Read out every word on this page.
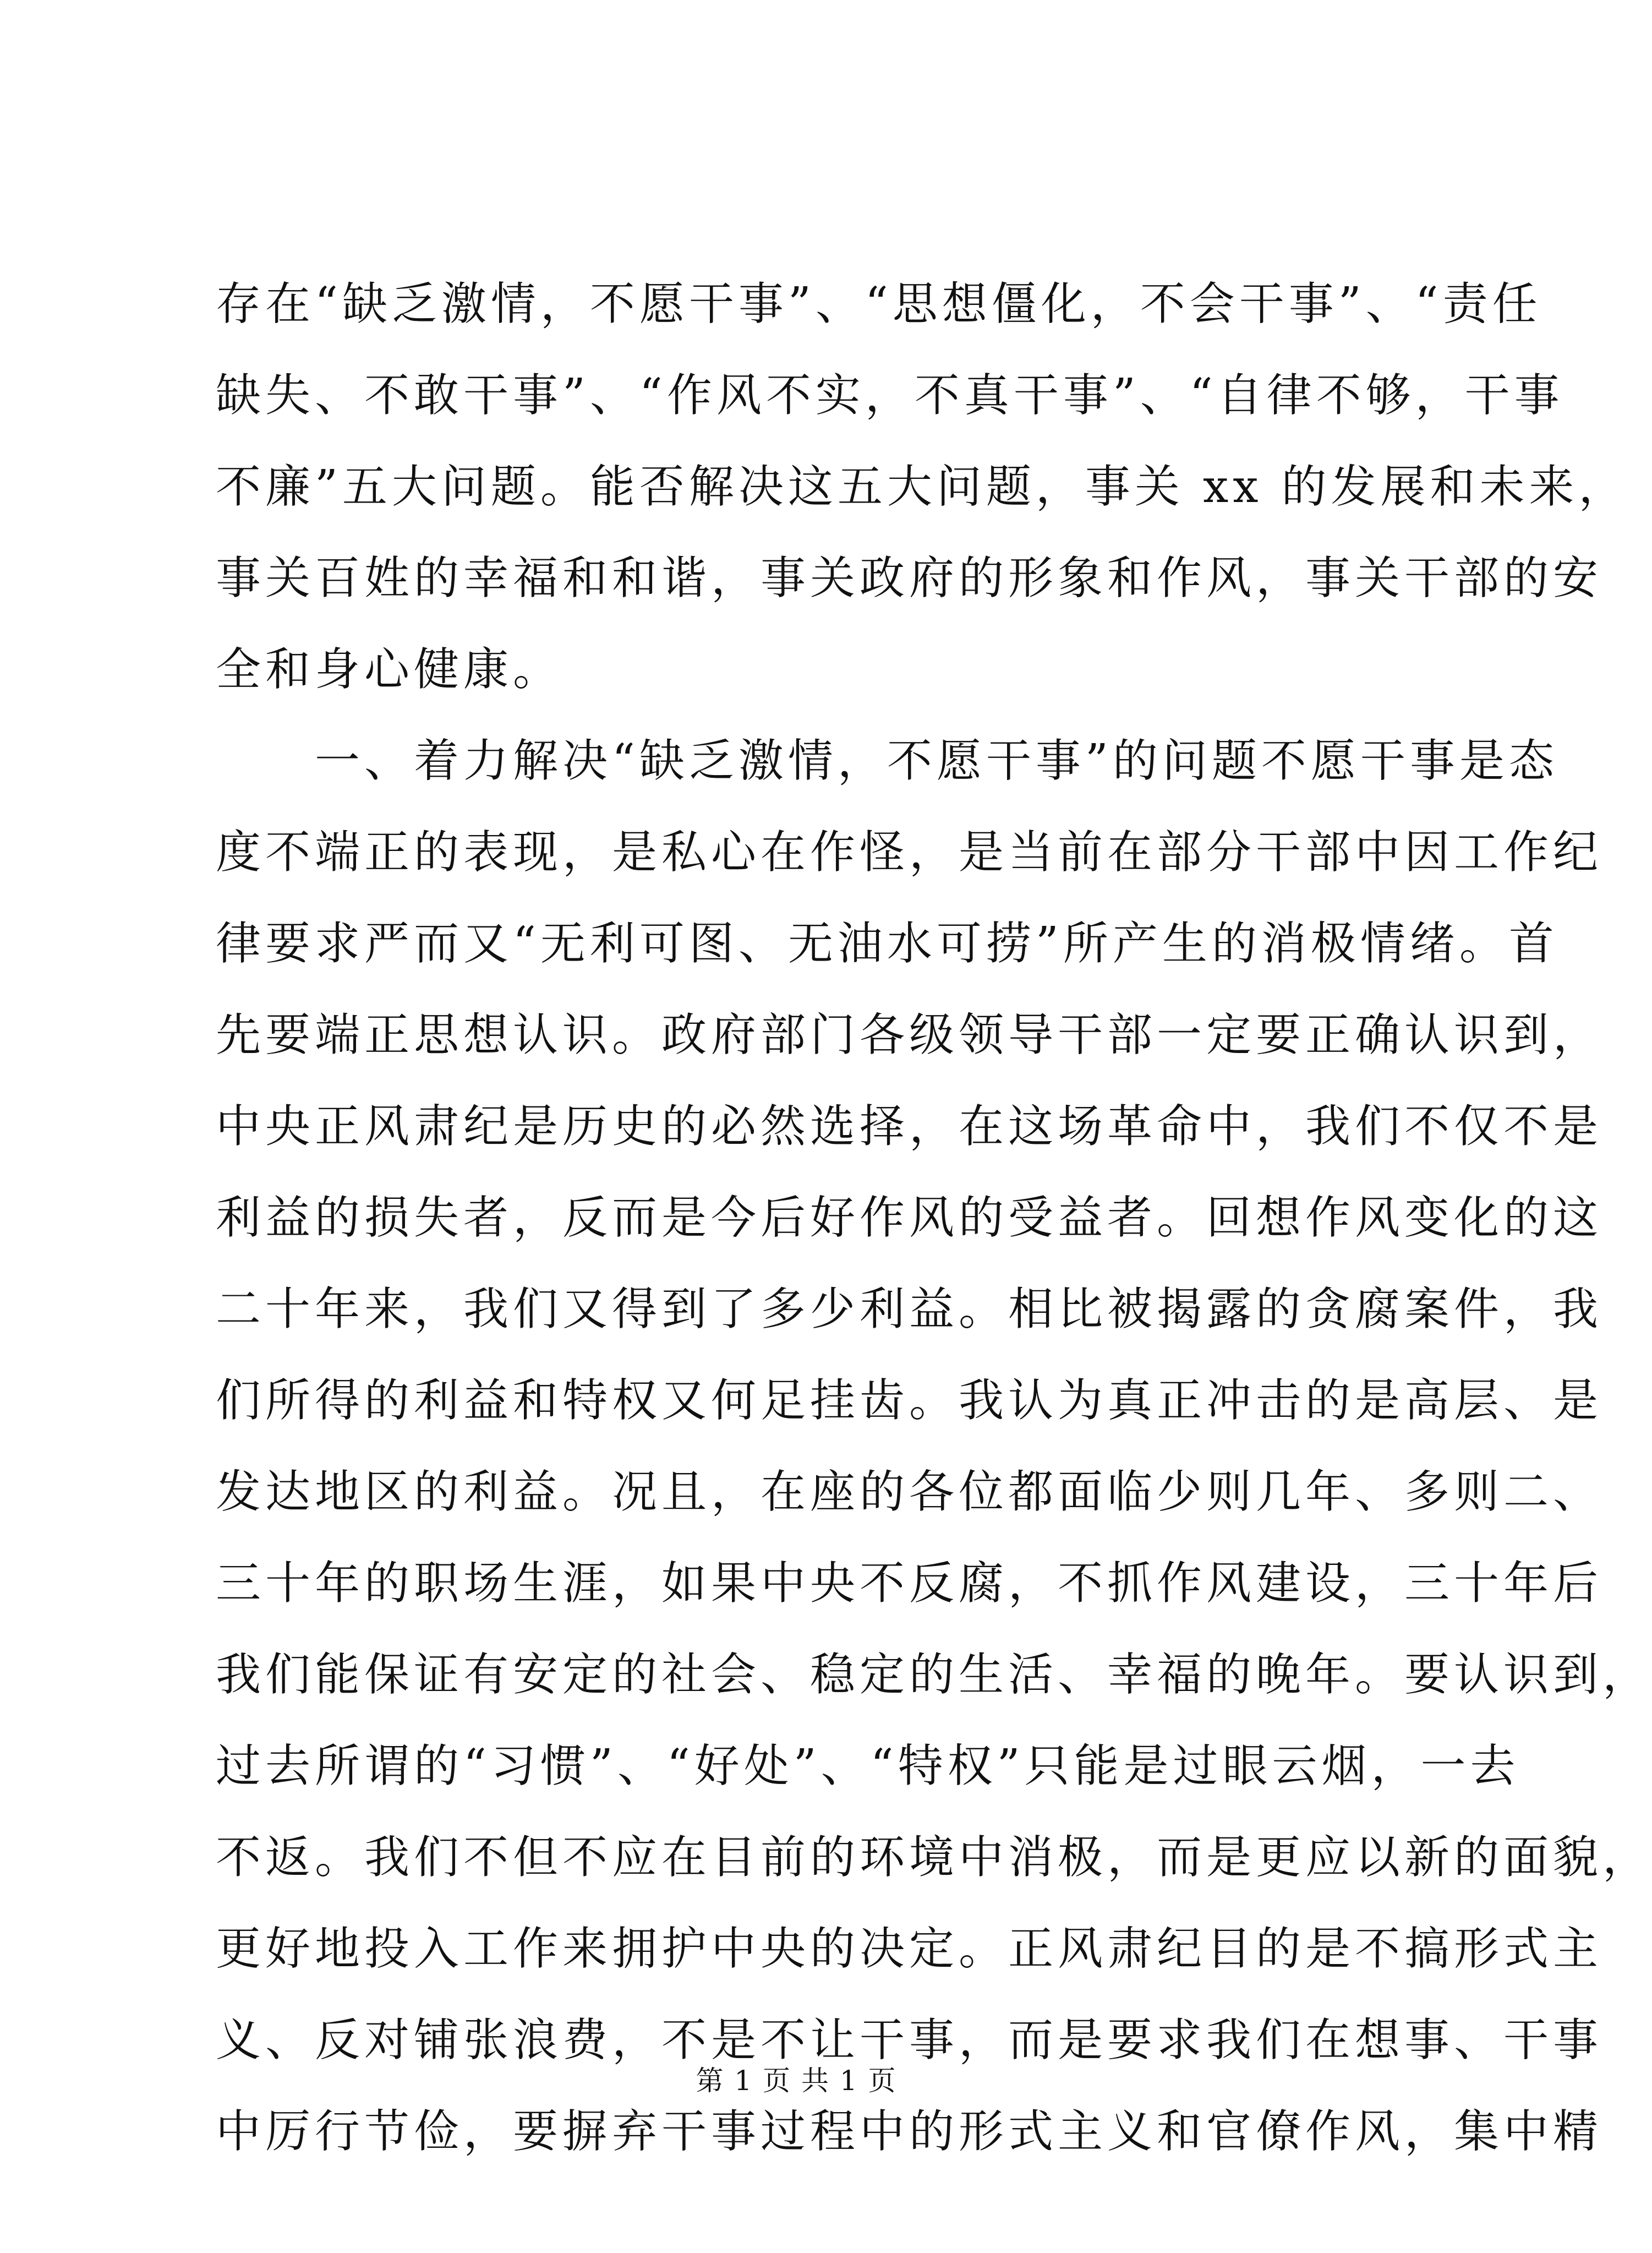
存在“缺乏激情，不愿干事”、“思想僵化，不会干事”、“责任
缺失、不敢干事”、“作风不实，不真干事”、“自律不够，干事
不廉”五大问题。能否解决这五大问题，事关 xx 的发展和未来，
事关百姓的幸福和和谐，事关政府的形象和作风，事关干部的安
全和身心健康。
　　一、着力解决“缺乏激情，不愿干事”的问题不愿干事是态
度不端正的表现，是私心在作怪，是当前在部分干部中因工作纪
律要求严而又“无利可图、无油水可捞”所产生的消极情绪。首
先要端正思想认识。政府部门各级领导干部一定要正确认识到，
中央正风肃纪是历史的必然选择，在这场革命中，我们不仅不是
利益的损失者，反而是今后好作风的受益者。回想作风变化的这
二十年来，我们又得到了多少利益。相比被揭露的贪腐案件，我
们所得的利益和特权又何足挂齿。我认为真正冲击的是高层、是
发达地区的利益。况且，在座的各位都面临少则几年、多则二、
三十年的职场生涯，如果中央不反腐，不抓作风建设，三十年后
我们能保证有安定的社会、稳定的生活、幸福的晚年。要认识到，
过去所谓的“习惯”、“好处”、“特权”只能是过眼云烟，一去
不返。我们不但不应在目前的环境中消极，而是更应以新的面貌，
更好地投入工作来拥护中央的决定。正风肃纪目的是不搞形式主
义、反对铺张浪费，不是不让干事，而是要求我们在想事、干事
中厉行节俭，要摒弃干事过程中的形式主义和官僚作风，集中精
第 1 页 共 1 页
